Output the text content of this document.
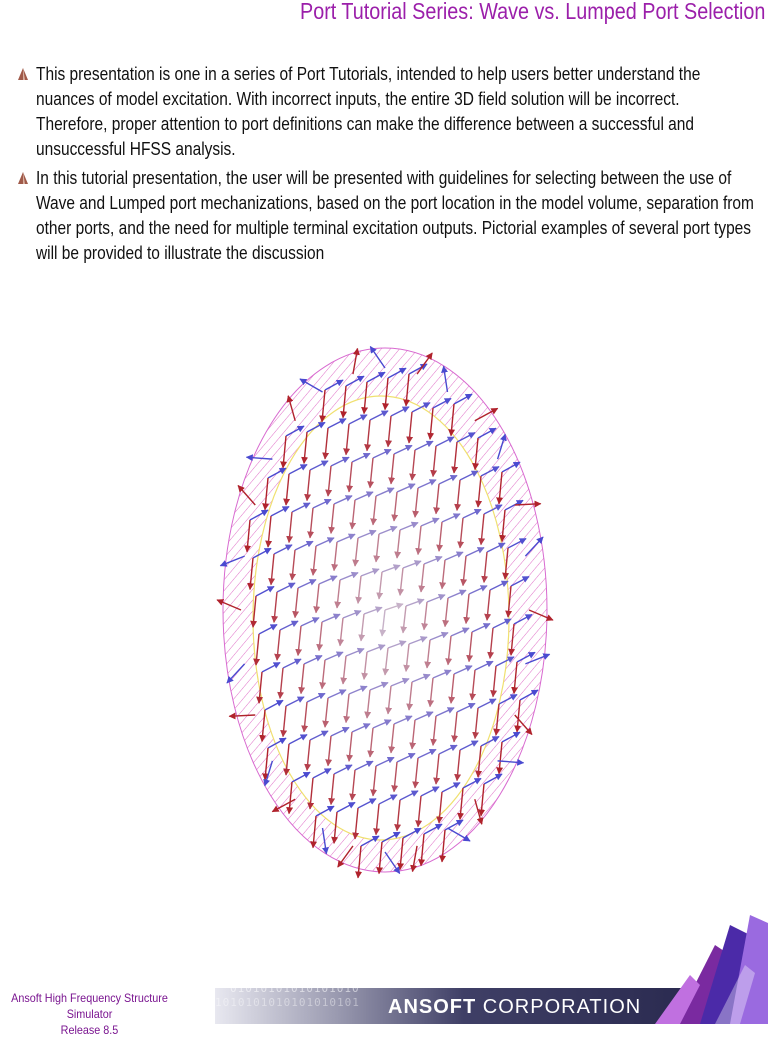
Port Tutorial Series: Wave vs. Lumped Port Selection
This presentation is one in a series of Port Tutorials, intended to help users better understand the nuances of model excitation. With incorrect inputs, the entire 3D field solution will be incorrect. Therefore, proper attention to port definitions can make the difference between a successful and unsuccessful HFSS analysis.
In this tutorial presentation, the user will be presented with guidelines for selecting between the use of Wave and Lumped port mechanizations, based on the port location in the model volume, separation from other ports, and the need for multiple terminal excitation outputs. Pictorial examples of several port types will be provided to illustrate the discussion
Ansoft High Frequency Structure Simulator
Release 8.5
01010101010101010
1010101010101010101 ANSOFT CORPORATION
